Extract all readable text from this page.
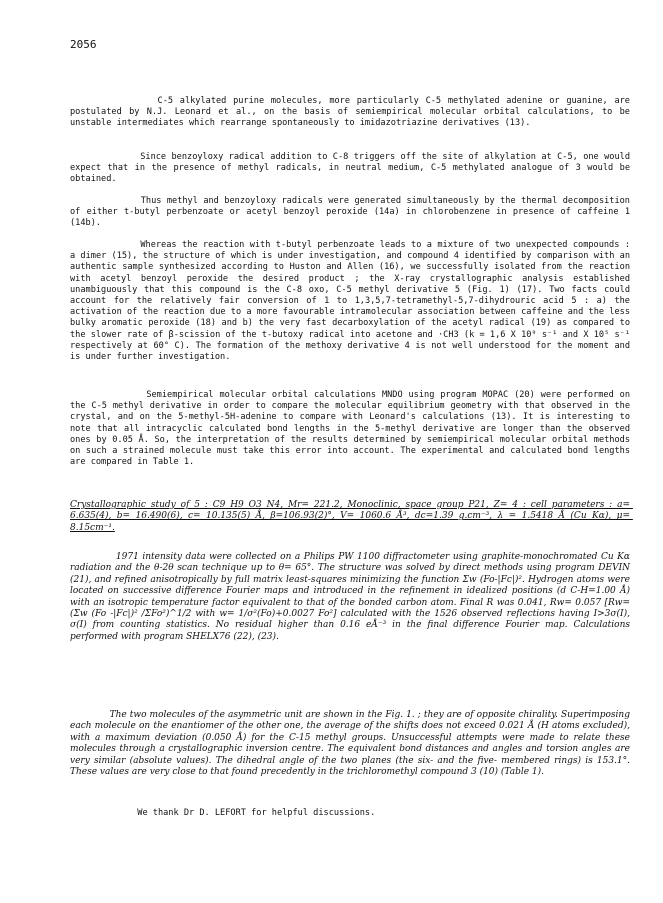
2056

C-5 alkylated purine molecules, more particularly C-5 methylated adenine or guanine, are postulated by N.J. Leonard et al., on the basis of semiempirical molecular orbital calculations, to be unstable intermediates which rearrange spontaneously to imidazotriazine derivatives (13).

Since benzoyloxy radical addition to C-8 triggers off the site of alkylation at C-5, one would expect that in the presence of methyl radicals, in neutral medium, C-5 methylated analogue of 3 would be obtained.

Thus methyl and benzoyloxy radicals were generated simultaneously by the thermal decomposition of either t-butyl perbenzoate or acetyl benzoyl peroxide (14a) in chlorobenzene in presence of caffeine 1 (14b).

Whereas the reaction with t-butyl perbenzoate leads to a mixture of two unexpected compounds : a dimer (15), the structure of which is under investigation, and compound 4 identified by comparison with an authentic sample synthesized according to Huston and Allen (16), we successfully isolated from the reaction with acetyl benzoyl peroxide the desired product ; the X-ray crystallographic analysis established unambiguously that this compound is the C-8 oxo, C-5 methyl derivative 5 (Fig. 1) (17). Two facts could account for the relatively fair conversion of 1 to 1,3,5,7-tetramethyl-5,7-dihydrouric acid 5 : a) the activation of the reaction due to a more favourable intramolecular association between caffeine and the less bulky aromatic peroxide (18) and b) the very fast decarboxylation of the acetyl radical (19) as compared to the slower rate of β-scission of the t-butoxy radical into acetone and ·CH3 (k = 1,6 X 10⁹ s⁻¹ and X 10⁵ s⁻¹ respectively at 60° C). The formation of the methoxy derivative 4 is not well understood for the moment and is under further investigation.

Semiempirical molecular orbital calculations MNDO using program MOPAC (20) were performed on the C-5 methyl derivative in order to compare the molecular equilibrium geometry with that observed in the crystal, and on the 5-methyl-5H-adenine to compare with Leonard's calculations (13). It is interesting to note that all intracyclic calculated bond lengths in the 5-methyl derivative are longer than the observed ones by 0.05 Å. So, the interpretation of the results determined by semiempirical molecular orbital methods on such a strained molecule must take this error into account. The experimental and calculated bond lengths are compared in Table 1.

Crystallographic study of 5 : C9 H9 O3 N4, Mr= 221.2, Monoclinic, space group P21, Z= 4 : cell parameters : a= 6.635(4), b= 16.490(6), c= 10.135(5) Å, β=106.93(2)°, V= 1060.6 Å³, dc=1.39 g.cm⁻³, λ = 1.5418 Å (Cu Kα), μ= 8.15cm⁻¹.

1971 intensity data were collected on a Philips PW 1100 diffractometer using graphite-monochromated Cu Kα radiation and the θ-2θ scan technique up to θ= 65°. The structure was solved by direct methods using program DEVIN (21), and refined anisotropically by full matrix least-squares minimizing the function Σw (Fo-|Fc|)². Hydrogen atoms were located on successive difference Fourier maps and introduced in the refinement in idealized positions (d C-H=1.00 Å) with an isotropic temperature factor equivalent to that of the bonded carbon atom. Final R was 0.041, Rw= 0.057 [Rw= (Σw (Fo -|Fc|)² /ΣFo²)^1/2 with w= 1/σ²(Fo)+0.0027 Fo²] calculated with the 1526 observed reflections having I>3σ(I), σ(I) from counting statistics. No residual higher than 0.16 eÅ⁻³ in the final difference Fourier map. Calculations performed with program SHELX76 (22), (23).

The two molecules of the asymmetric unit are shown in the Fig. 1. ; they are of opposite chirality. Superimposing each molecule on the enantiomer of the other one, the average of the shifts does not exceed 0.021 Å (H atoms excluded), with a maximum deviation (0.050 Å) for the C-15 methyl groups. Unsuccessful attempts were made to relate these molecules through a crystallographic inversion centre. The equivalent bond distances and angles and torsion angles are very similar (absolute values). The dihedral angle of the two planes (the six- and the five- membered rings) is 153.1°. These values are very close to that found precedently in the trichloromethyl compound 3 (10) (Table 1).

We thank Dr D. LEFORT for helpful discussions.
